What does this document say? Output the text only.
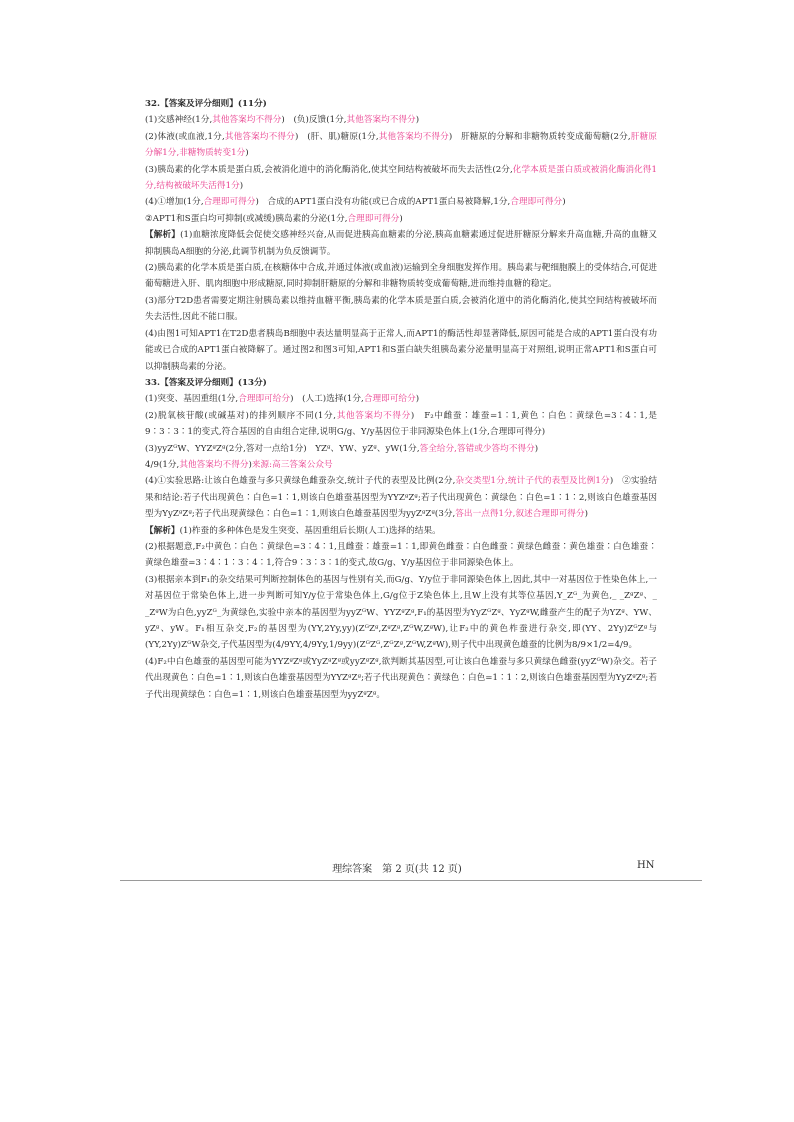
32.【答案及评分细则】(11分)

(1)交感神经(1分,其他答案均不得分)　(负)反馈(1分,其他答案均不得分)

(2)体液(或血液,1分,其他答案均不得分)　(肝、肌)糖原(1分,其他答案均不得分)　肝糖原的分解和非糖物质转变成葡萄糖(2分,肝糖原分解1分,非糖物质转变1分)

(3)胰岛素的化学本质是蛋白质,会被消化道中的消化酶消化,使其空间结构被破坏而失去活性(2分,化学本质是蛋白质或被消化酶消化得1分,结构被破坏失活得1分)

(4)①增加(1分,合理即可得分)　合成的APT1蛋白没有功能(或已合成的APT1蛋白易被降解,1分,合理即可得分)

②APT1和S蛋白均可抑制(或减缓)胰岛素的分泌(1分,合理即可得分)

【解析】(1)血糖浓度降低会促使交感神经兴奋,从而促进胰高血糖素的分泌,胰高血糖素通过促进肝糖原分解来升高血糖,升高的血糖又抑制胰岛A细胞的分泌,此调节机制为负反馈调节。

(2)胰岛素的化学本质是蛋白质,在核糖体中合成,并通过体液(或血液)运输到全身细胞发挥作用。胰岛素与靶细胞膜上的受体结合,可促进葡萄糖进入肝、肌肉细胞中形成糖原,同时抑制肝糖原的分解和非糖物质转变成葡萄糖,进而维持血糖的稳定。

(3)部分T2D患者需要定期注射胰岛素以维持血糖平衡,胰岛素的化学本质是蛋白质,会被消化道中的消化酶消化,使其空间结构被破坏而失去活性,因此不能口服。

(4)由图1可知APT1在T2D患者胰岛B细胞中表达量明显高于正常人,而APT1的酶活性却显著降低,原因可能是合成的APT1蛋白没有功能或已合成的APT1蛋白被降解了。通过图2和图3可知,APT1和S蛋白缺失组胰岛素分泌量明显高于对照组,说明正常APT1和S蛋白可以抑制胰岛素的分泌。

33.【答案及评分细则】(13分)

(1)突变、基因重组(1分,合理即可给分)　(人工)选择(1分,合理即可给分)

(2)脱氧核苷酸(或碱基对)的排列顺序不同(1分,其他答案均不得分)　F₂中雌蚕∶雄蚕=1∶1,黄色∶白色∶黄绿色=3∶4∶1,是9∶3∶3∶1的变式,符合基因的自由组合定律,说明G/g、Y/y基因位于非同源染色体上(1分,合理即可得分)

(3)yyZᴳW、YYZᵍZᵍ(2分,答对一点给1分)　YZᵍ、YW、yZᵍ、yW(1分,答全给分,答错或少答均不得分)

4/9(1分,其他答案均不得分)来源:高三答案公众号

(4)①实验思路:让该白色雄蚕与多只黄绿色雌蚕杂交,统计子代的表型及比例(2分,杂交类型1分,统计子代的表型及比例1分)　②实验结果和结论:若子代出现黄色∶白色=1∶1,则该白色雄蚕基因型为YYZᵍZᵍ;若子代出现黄色∶黄绿色∶白色=1∶1∶2,则该白色雄蚕基因型为YyZᵍZᵍ;若子代出现黄绿色∶白色=1∶1,则该白色雄蚕基因型为yyZᵍZᵍ(3分,答出一点得1分,叙述合理即可得分)

【解析】(1)柞蚕的多种体色是发生突变、基因重组后长期(人工)选择的结果。

(2)根据题意,F₂中黄色∶白色∶黄绿色=3∶4∶1,且雌蚕∶雄蚕=1∶1,即黄色雌蚕∶白色雌蚕∶黄绿色雌蚕∶黄色雄蚕∶白色雄蚕∶黄绿色雄蚕=3∶4∶1∶3∶4∶1,符合9∶3∶3∶1的变式,故G/g、Y/y基因位于非同源染色体上。

(3)根据亲本到F₁的杂交结果可判断控制体色的基因与性别有关,而G/g、Y/y位于非同源染色体上,因此,其中一对基因位于性染色体上,一对基因位于常染色体上,进一步判断可知Y/y位于常染色体上,G/g位于Z染色体上,且W上没有其等位基因,Y_Zᴳ_为黄色,_ _ZᵍZᵍ、_ _ZᵍW为白色,yyZᴳ_为黄绿色,实验中亲本的基因型为yyZᴳW、YYZᵍZᵍ,F₁的基因型为YyZᴳZᵍ、YyZᵍW,雌蚕产生的配子为YZᵍ、YW、yZᵍ、yW。F₁相互杂交,F₂的基因型为(YY,2Yy,yy)(ZᴳZᵍ,ZᵍZᵍ,ZᴳW,ZᵍW),让F₂中的黄色柞蚕进行杂交,即(YY、2Yy)ZᴳZᵍ与(YY,2Yy)ZᴳW杂交,子代基因型为(4/9YY,4/9Yy,1/9yy)(ZᴳZᴳ,ZᴳZᵍ,ZᴳW,ZᵍW),则子代中出现黄色雄蚕的比例为8/9×1/2=4/9。

(4)F₂中白色雄蚕的基因型可能为YYZᵍZᵍ或YyZᵍZᵍ或yyZᵍZᵍ,欲判断其基因型,可让该白色雄蚕与多只黄绿色雌蚕(yyZᴳW)杂交。若子代出现黄色∶白色=1∶1,则该白色雄蚕基因型为YYZᵍZᵍ;若子代出现黄色∶黄绿色∶白色=1∶1∶2,则该白色雄蚕基因型为YyZᵍZᵍ;若子代出现黄绿色∶白色=1∶1,则该白色雄蚕基因型为yyZᵍZᵍ。

理综答案　第 2 页(共 12 页)	HN
